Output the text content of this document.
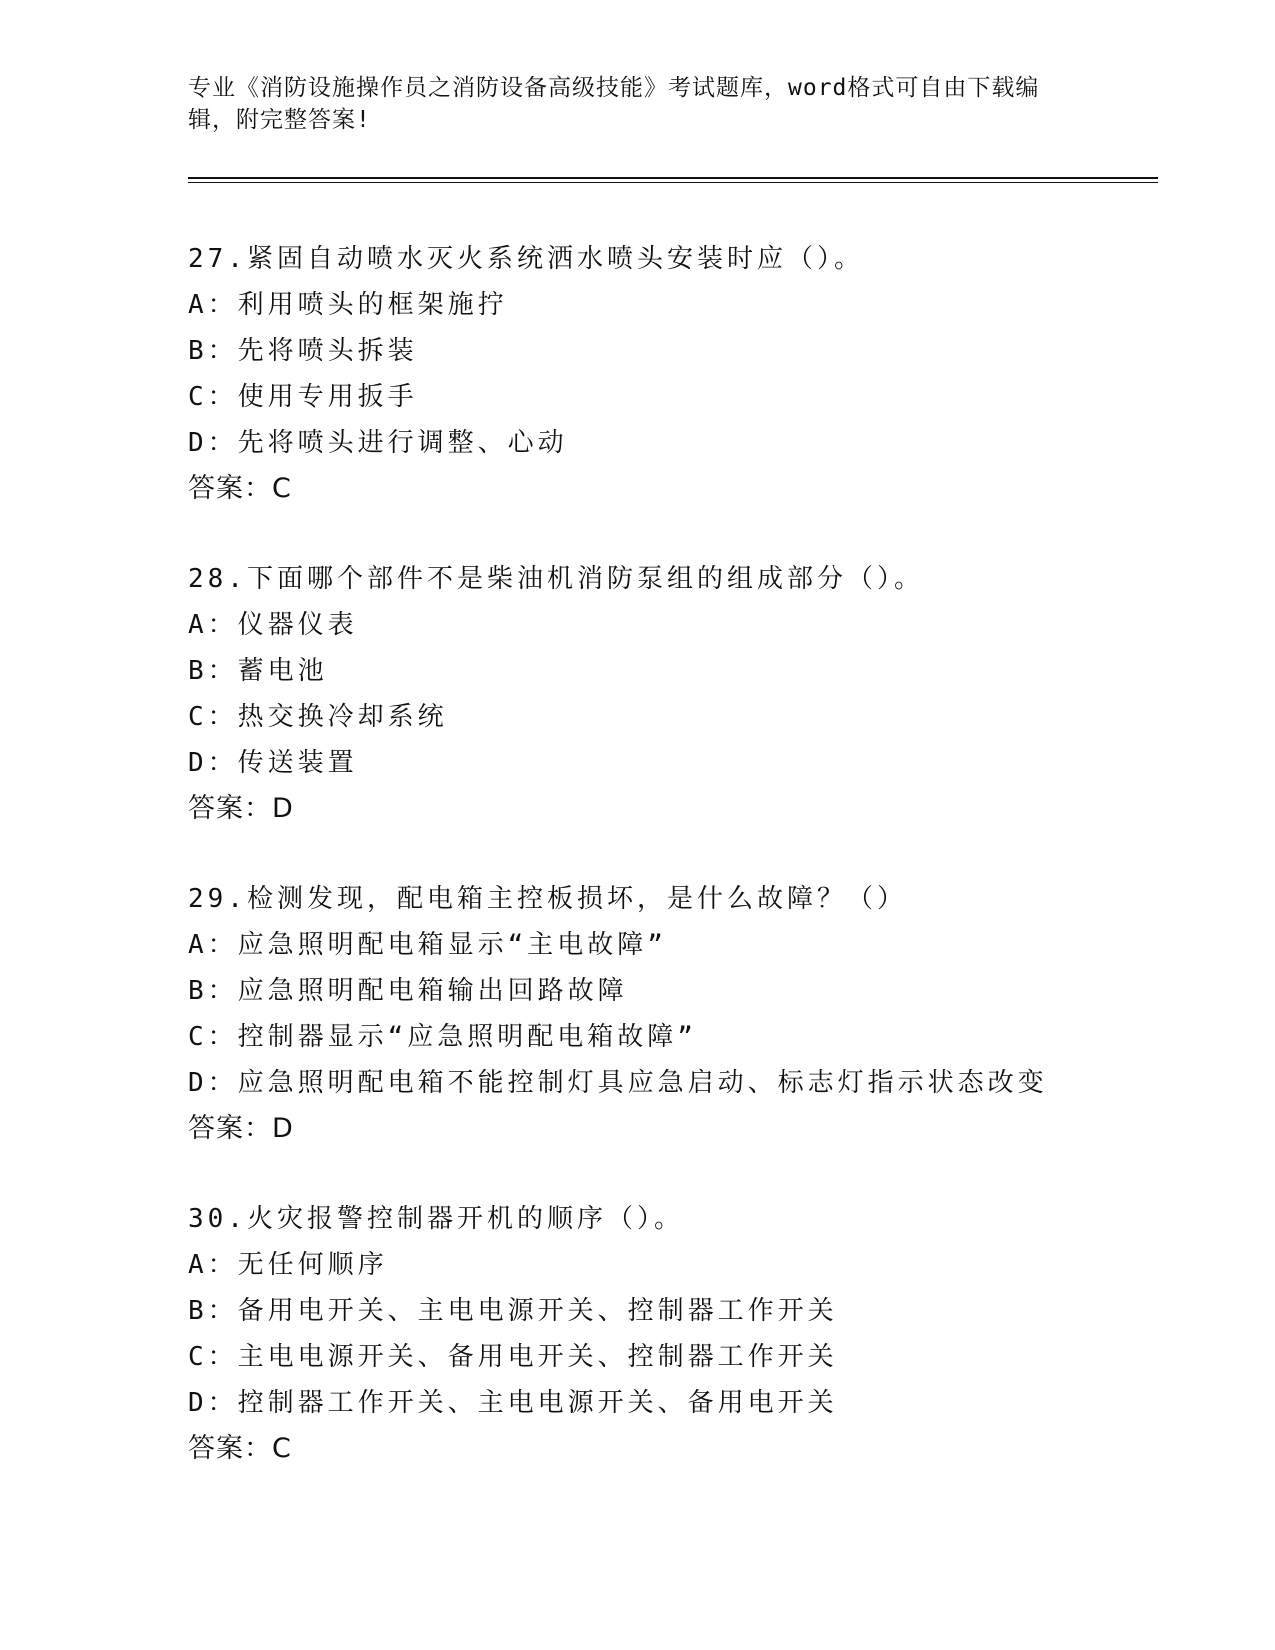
专业《消防设施操作员之消防设备高级技能》考试题库，word格式可自由下载编
辑，附完整答案!
27.紧固自动喷水灭火系统洒水喷头安装时应（）。
A：利用喷头的框架施拧
B：先将喷头拆装
C：使用专用扳手
D：先将喷头进行调整、心动
答案：C
28.下面哪个部件不是柴油机消防泵组的组成部分（）。
A：仪器仪表
B：蓄电池
C：热交换冷却系统
D：传送装置
答案：D
29.检测发现，配电箱主控板损坏，是什么故障？（）
A：应急照明配电箱显示“主电故障”
B：应急照明配电箱输出回路故障
C：控制器显示“应急照明配电箱故障”
D：应急照明配电箱不能控制灯具应急启动、标志灯指示状态改变
答案：D
30.火灾报警控制器开机的顺序（）。
A：无任何顺序
B：备用电开关、主电电源开关、控制器工作开关
C：主电电源开关、备用电开关、控制器工作开关
D：控制器工作开关、主电电源开关、备用电开关
答案：C
